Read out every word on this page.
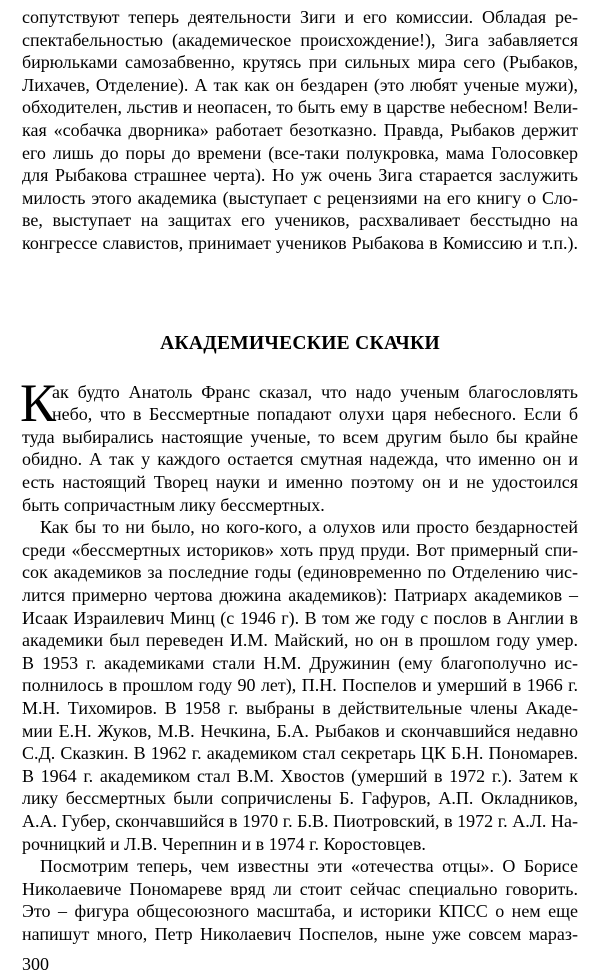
сопутствуют теперь деятельности Зиги и его комиссии. Обладая ре-
спектабельностью (академическое происхождение!), Зига забавляется
бирюльками самозабвенно, крутясь при сильных мира сего (Рыбаков,
Лихачев, Отделение). А так как он бездарен (это любят ученые мужи),
обходителен, льстив и неопасен, то быть ему в царстве небесном! Вели-
кая «собачка дворника» работает безотказно. Правда, Рыбаков держит
его лишь до поры до времени (все-таки полукровка, мама Голосовкер
для Рыбакова страшнее черта). Но уж очень Зига старается заслужить
милость этого академика (выступает с рецензиями на его книгу о Сло-
ве, выступает на защитах его учеников, расхваливает бесстыдно на
конгрессе славистов, принимает учеников Рыбакова в Комиссию и т.п.).
АКАДЕМИЧЕСКИЕ СКАЧКИ
К
ак будто Анатоль Франс сказал, что надо ученым благословлять
небо, что в Бессмертные попадают олухи царя небесного. Если б
туда выбирались настоящие ученые, то всем другим было бы крайне
обидно. А так у каждого остается смутная надежда, что именно он и
есть настоящий Творец науки и именно поэтому он и не удостоился
быть сопричастным лику бессмертных.
Как бы то ни было, но кого-кого, а олухов или просто бездарностей
среди «бессмертных историков» хоть пруд пруди. Вот примерный спи-
сок академиков за последние годы (единовременно по Отделению чис-
лится примерно чертова дюжина академиков): Патриарх академиков –
Исаак Израилевич Минц (с 1946 г). В том же году с послов в Англии в
академики был переведен И.М. Майский, но он в прошлом году умер.
В 1953 г. академиками стали Н.М. Дружинин (ему благополучно ис-
полнилось в прошлом году 90 лет), П.Н. Поспелов и умерший в 1966 г.
М.Н. Тихомиров. В 1958 г. выбраны в действительные члены Акаде-
мии Е.Н. Жуков, М.В. Нечкина, Б.А. Рыбаков и скончавшийся недавно
С.Д. Сказкин. В 1962 г. академиком стал секретарь ЦК Б.Н. Пономарев.
В 1964 г. академиком стал В.М. Хвостов (умерший в 1972 г.). Затем к
лику бессмертных были сопричислены Б. Гафуров, А.П. Окладников,
А.А. Губер, скончавшийся в 1970 г. Б.В. Пиотровский, в 1972 г. А.Л. На-
рочницкий и Л.В. Черепнин и в 1974 г. Коростовцев.
Посмотрим теперь, чем известны эти «отечества отцы». О Борисе
Николаевиче Пономареве вряд ли стоит сейчас специально говорить.
Это – фигура общесоюзного масштаба, и историки КПСС о нем еще
напишут много, Петр Николаевич Поспелов, ныне уже совсем мараз-
300
